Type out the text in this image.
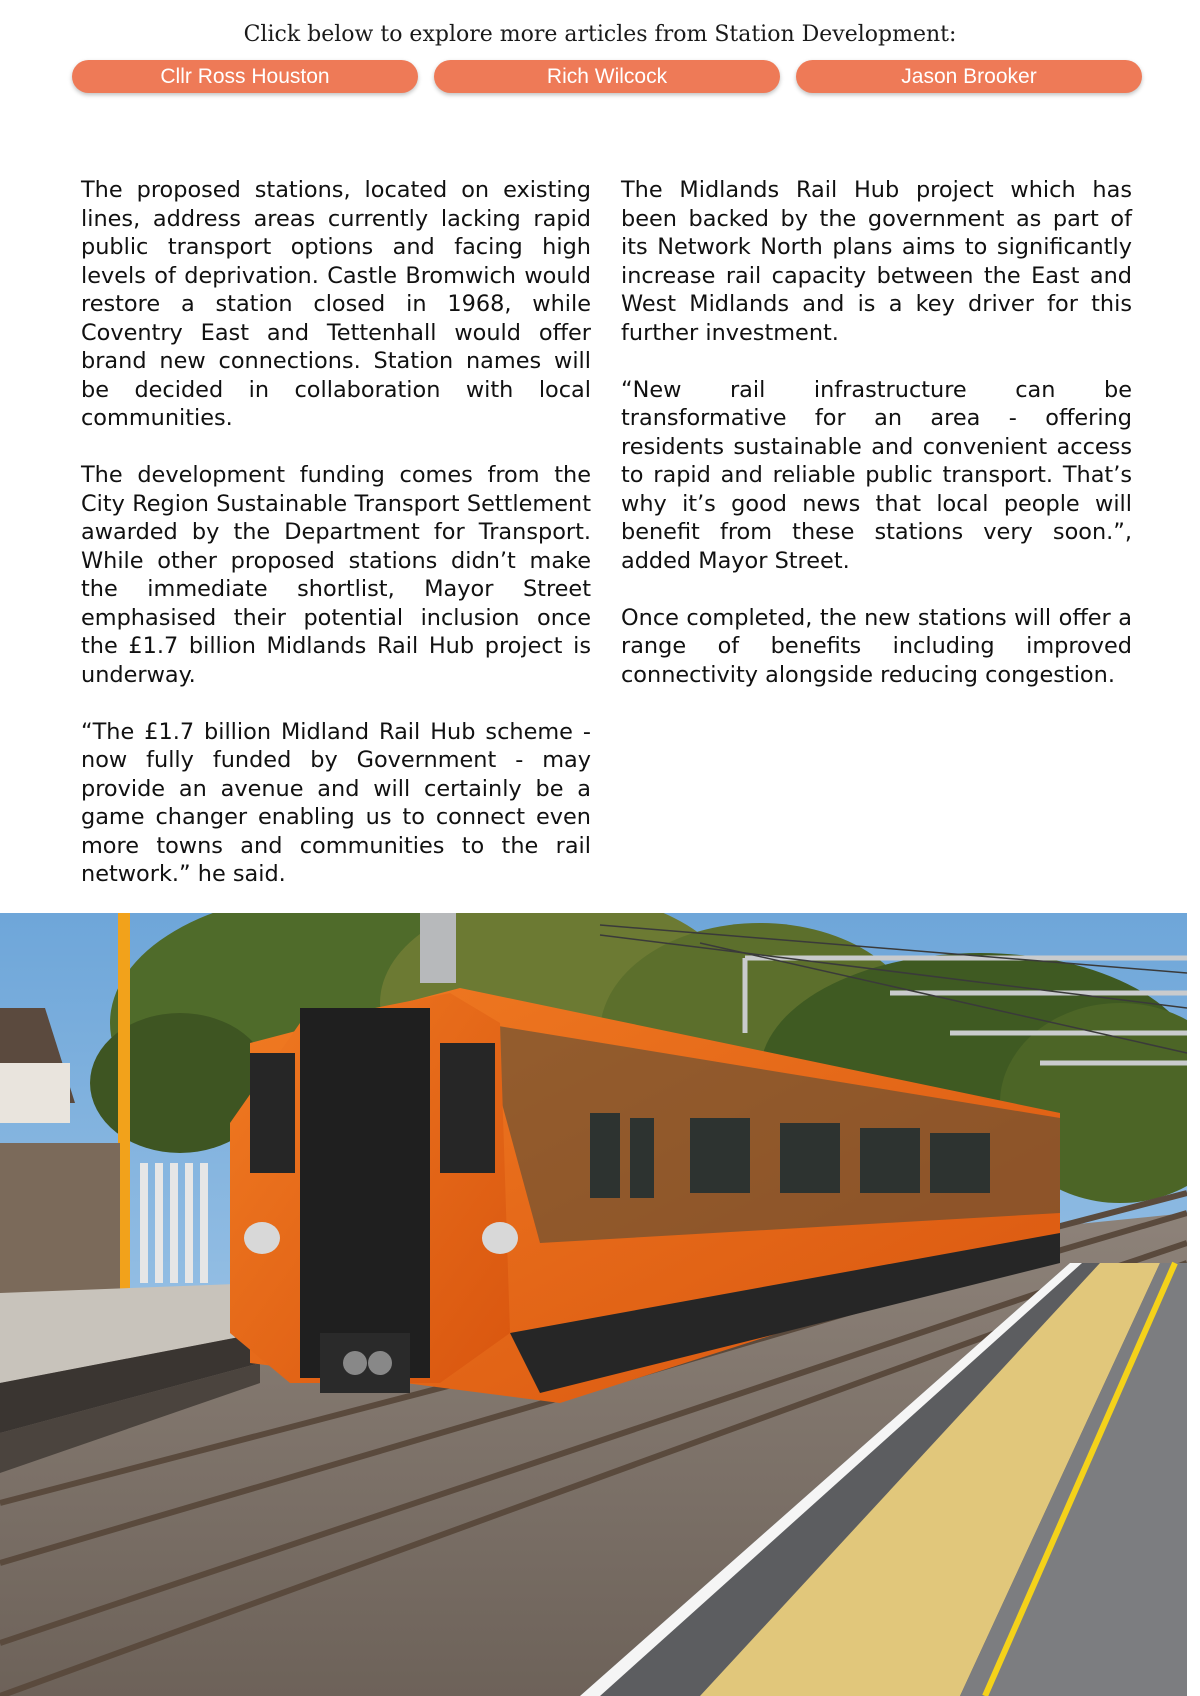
Click below to explore more articles from Station Development:
Cllr Ross Houston	Rich Wilcock	Jason Brooker

The proposed stations, located on existing lines, address areas currently lacking rapid public transport options and facing high levels of deprivation. Castle Bromwich would restore a station closed in 1968, while Coventry East and Tettenhall would offer brand new connections. Station names will be decided in collaboration with local communities.

The development funding comes from the City Region Sustainable Transport Settlement awarded by the Department for Transport. While other proposed stations didn’t make the immediate shortlist, Mayor Street emphasised their potential inclusion once the £1.7 billion Midlands Rail Hub project is underway.

“The £1.7 billion Midland Rail Hub scheme - now fully funded by Government - may provide an avenue and will certainly be a game changer enabling us to connect even more towns and communities to the rail network.” he said.

The Midlands Rail Hub project which has been backed by the government as part of its Network North plans aims to significantly increase rail capacity between the East and West Midlands and is a key driver for this further investment.

“New rail infrastructure can be transformative for an area - offering residents sustainable and convenient access to rapid and reliable public transport. That’s why it’s good news that local people will benefit from these stations very soon.”, added Mayor Street.

Once completed, the new stations will offer a range of benefits including improved connectivity alongside reducing congestion.
